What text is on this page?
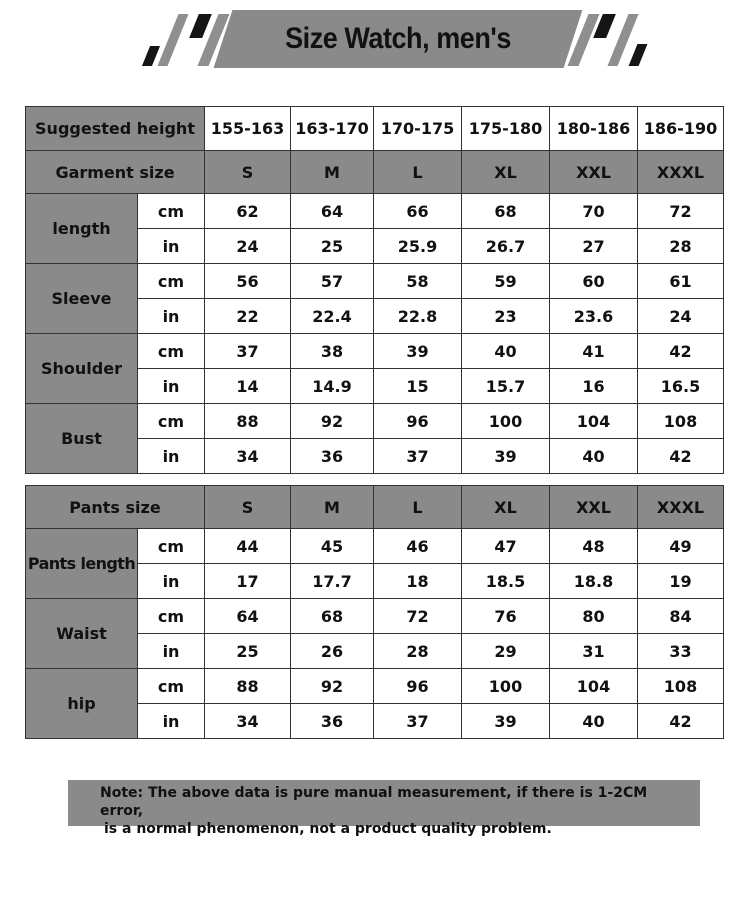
Size Watch, men's
Suggested height		155-163	163-170	170-175	175-180	180-186	186-190
Garment size		S	M	L	XL	XXL	XXXL
length	cm	62	64	66	68	70	72
	in	24	25	25.9	26.7	27	28
Sleeve	cm	56	57	58	59	60	61
	in	22	22.4	22.8	23	23.6	24
Shoulder	cm	37	38	39	40	41	42
	in	14	14.9	15	15.7	16	16.5
Bust	cm	88	92	96	100	104	108
	in	34	36	37	39	40	42
Pants size		S	M	L	XL	XXL	XXXL
Pants length	cm	44	45	46	47	48	49
	in	17	17.7	18	18.5	18.8	19
Waist	cm	64	68	72	76	80	84
	in	25	26	28	29	31	33
hip	cm	88	92	96	100	104	108
	in	34	36	37	39	40	42
Note: The above data is pure manual measurement, if there is 1-2CM error,
is a normal phenomenon, not a product quality problem.
